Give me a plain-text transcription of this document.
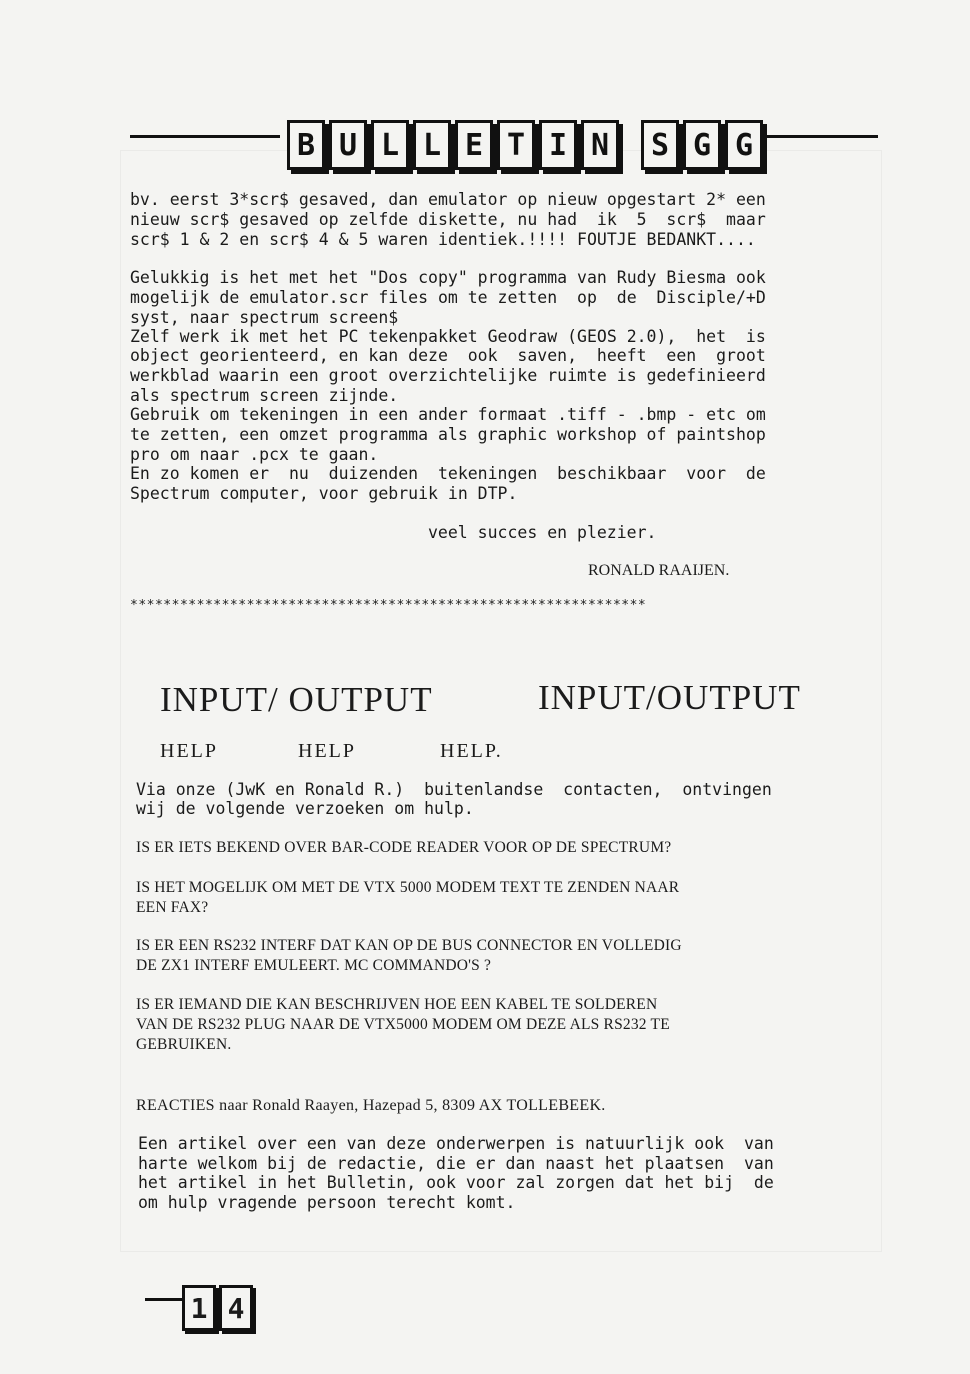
B U L L E T I N	S G G
bv. eerst 3*scr$ gesaved, dan emulator op nieuw opgestart 2* een
nieuw scr$ gesaved op zelfde diskette, nu had  ik  5  scr$  maar
scr$ 1 & 2 en scr$ 4 & 5 waren identiek.!!!! FOUTJE BEDANKT....
Gelukkig is het met het "Dos copy" programma van Rudy Biesma ook
mogelijk de emulator.scr files om te zetten  op  de  Disciple/+D
syst, naar spectrum screen$
Zelf werk ik met het PC tekenpakket Geodraw (GEOS 2.0),  het  is
object georienteerd, en kan deze  ook  saven,  heeft  een  groot
werkblad waarin een groot overzichtelijke ruimte is gedefinieerd
als spectrum screen zijnde.
Gebruik om tekeningen in een ander formaat .tiff - .bmp - etc om
te zetten, een omzet programma als graphic workshop of paintshop
pro om naar .pcx te gaan.
En zo komen er  nu  duizenden  tekeningen  beschikbaar  voor  de
Spectrum computer, voor gebruik in DTP.
veel succes en plezier.
RONALD RAAIJEN.
**************************************************************
INPUT/ OUTPUT	INPUT/OUTPUT
HELP	HELP	HELP.
Via onze (JwK en Ronald R.)  buitenlandse  contacten,  ontvingen
wij de volgende verzoeken om hulp.
IS ER IETS BEKEND OVER BAR-CODE READER VOOR OP DE SPECTRUM?
IS HET MOGELIJK OM MET DE VTX 5000 MODEM TEXT TE ZENDEN NAAR
EEN FAX?
IS ER EEN RS232 INTERF DAT KAN OP DE BUS CONNECTOR EN VOLLEDIG
DE ZX1 INTERF EMULEERT. MC COMMANDO'S ?
IS ER IEMAND DIE KAN BESCHRIJVEN HOE EEN KABEL TE SOLDEREN
VAN DE RS232 PLUG NAAR DE VTX5000 MODEM OM DEZE ALS RS232 TE
GEBRUIKEN.
REACTIES naar Ronald Raayen, Hazepad 5, 8309 AX TOLLEBEEK.
Een artikel over een van deze onderwerpen is natuurlijk ook  van
harte welkom bij de redactie, die er dan naast het plaatsen  van
het artikel in het Bulletin, ook voor zal zorgen dat het bij  de
om hulp vragende persoon terecht komt.
1 4
